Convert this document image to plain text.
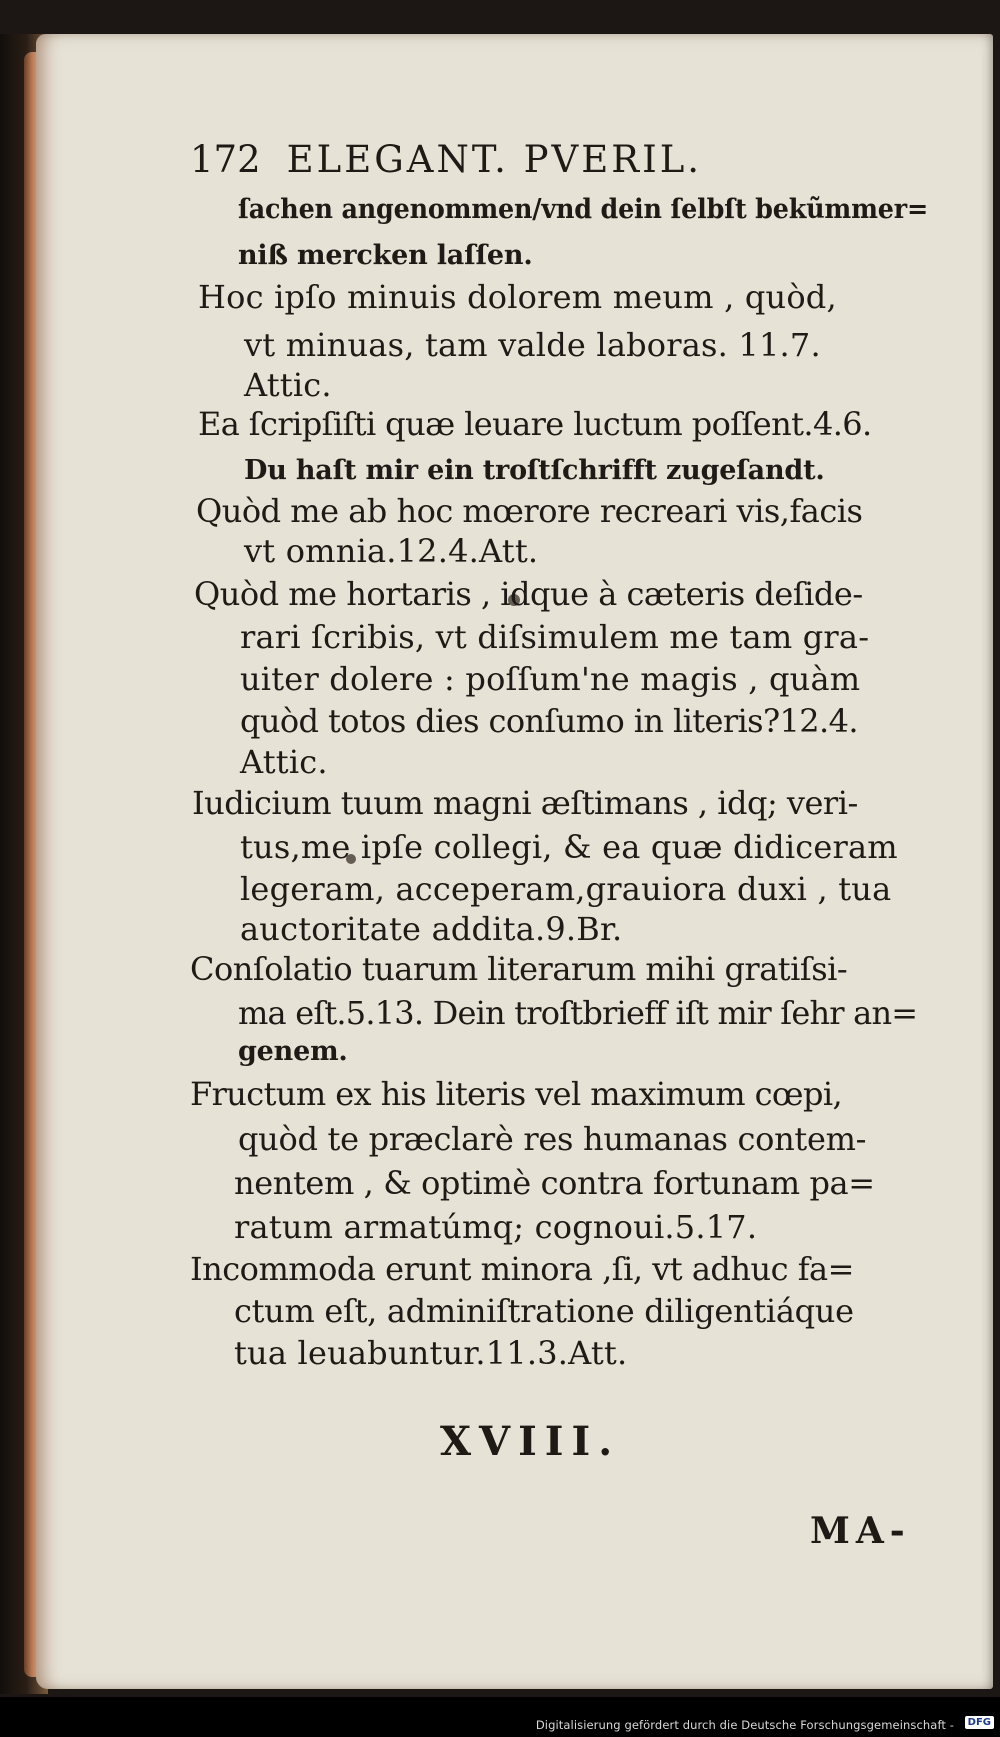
172 ELEGANT. PVERIL.
ſachen angenommen/vnd dein ſelbſt bekũmmer=
niß mercken laſſen.
Hoc ipſo minuis dolorem meum , quòd,
vt minuas, tam valde laboras. 11.7.
Attic.
Ea ſcripſiſti quæ leuare luctum poſſent.4.6.
Du haſt mir ein troſtſchrifft zugeſandt.
Quòd me ab hoc mœrore recreari vis,facis
vt omnia.12.4.Att.
Quòd me hortaris , idque à cæteris deſide-
rari ſcribis, vt diſsimulem me tam gra-
uiter dolere : poſſum'ne magis , quàm
quòd totos dies conſumo in literis?12.4.
Attic.
Iudicium tuum magni æſtimans , idq; veri-
tus,me ipſe collegi, & ea quæ didiceram
legeram, acceperam,grauiora duxi , tua
auctoritate addita.9.Br.
Conſolatio tuarum literarum mihi gratiſsi-
ma eſt.5.13. Dein troſtbrieff iſt mir ſehr an=
genem.
Fructum ex his literis vel maximum cœpi,
quòd te præclarè res humanas contem-
nentem , & optimè contra fortunam pa=
ratum armatúmq; cognoui.5.17.
Incommoda erunt minora ,ſi, vt adhuc fa=
ctum eſt, adminiſtratione diligentiáque
tua leuabuntur.11.3.Att.
XVIII.
MA-
Digitalisierung gefördert durch die Deutsche Forschungsgemeinschaft -	DFG
